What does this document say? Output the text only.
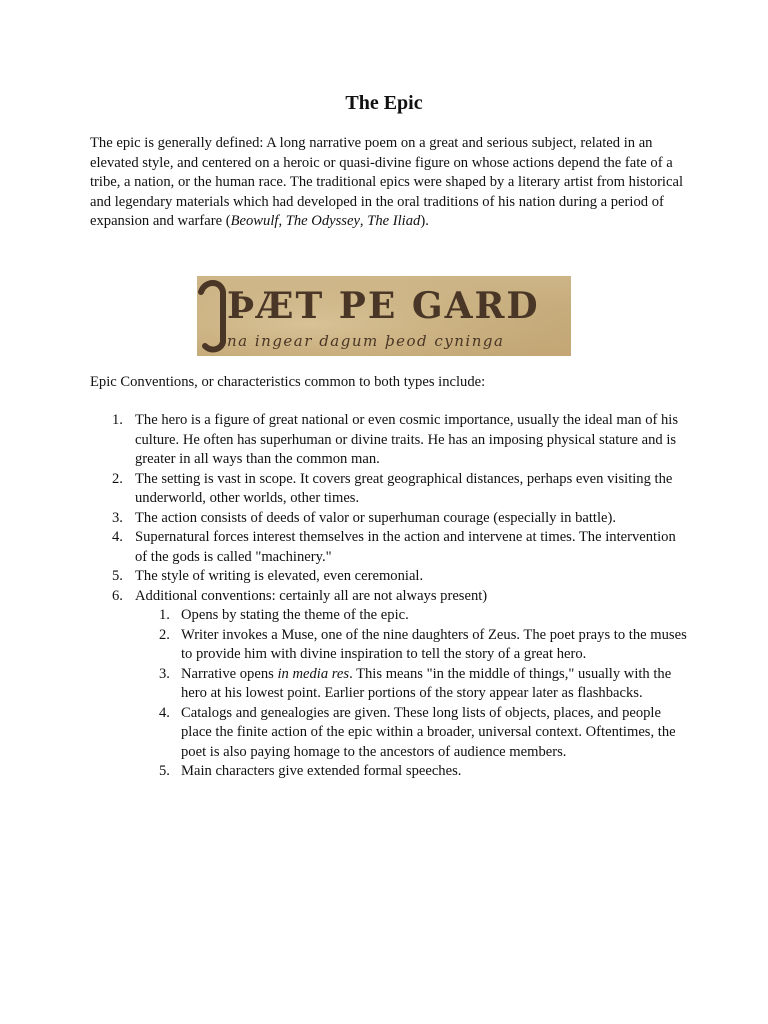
The Epic

The epic is generally defined: A long narrative poem on a great and serious subject, related in an elevated style, and centered on a heroic or quasi-divine figure on whose actions depend the fate of a tribe, a nation, or the human race. The traditional epics were shaped by a literary artist from historical and legendary materials which had developed in the oral traditions of his nation during a period of expansion and warfare (Beowulf, The Odyssey, The Iliad).

ÞÆT PE GARD
na ingear dagum þeod cyninga
Epic Conventions, or characteristics common to both types include:
1. The hero is a figure of great national or even cosmic importance, usually the ideal man of his culture. He often has superhuman or divine traits. He has an imposing physical stature and is greater in all ways than the common man.
2. The setting is vast in scope. It covers great geographical distances, perhaps even visiting the underworld, other worlds, other times.
3. The action consists of deeds of valor or superhuman courage (especially in battle).
4. Supernatural forces interest themselves in the action and intervene at times. The intervention of the gods is called "machinery."
5. The style of writing is elevated, even ceremonial.
6. Additional conventions: certainly all are not always present)
1. Opens by stating the theme of the epic.
2. Writer invokes a Muse, one of the nine daughters of Zeus. The poet prays to the muses to provide him with divine inspiration to tell the story of a great hero.
3. Narrative opens in media res. This means "in the middle of things," usually with the hero at his lowest point. Earlier portions of the story appear later as flashbacks.
4. Catalogs and genealogies are given. These long lists of objects, places, and people place the finite action of the epic within a broader, universal context. Oftentimes, the poet is also paying homage to the ancestors of audience members.
5. Main characters give extended formal speeches.
